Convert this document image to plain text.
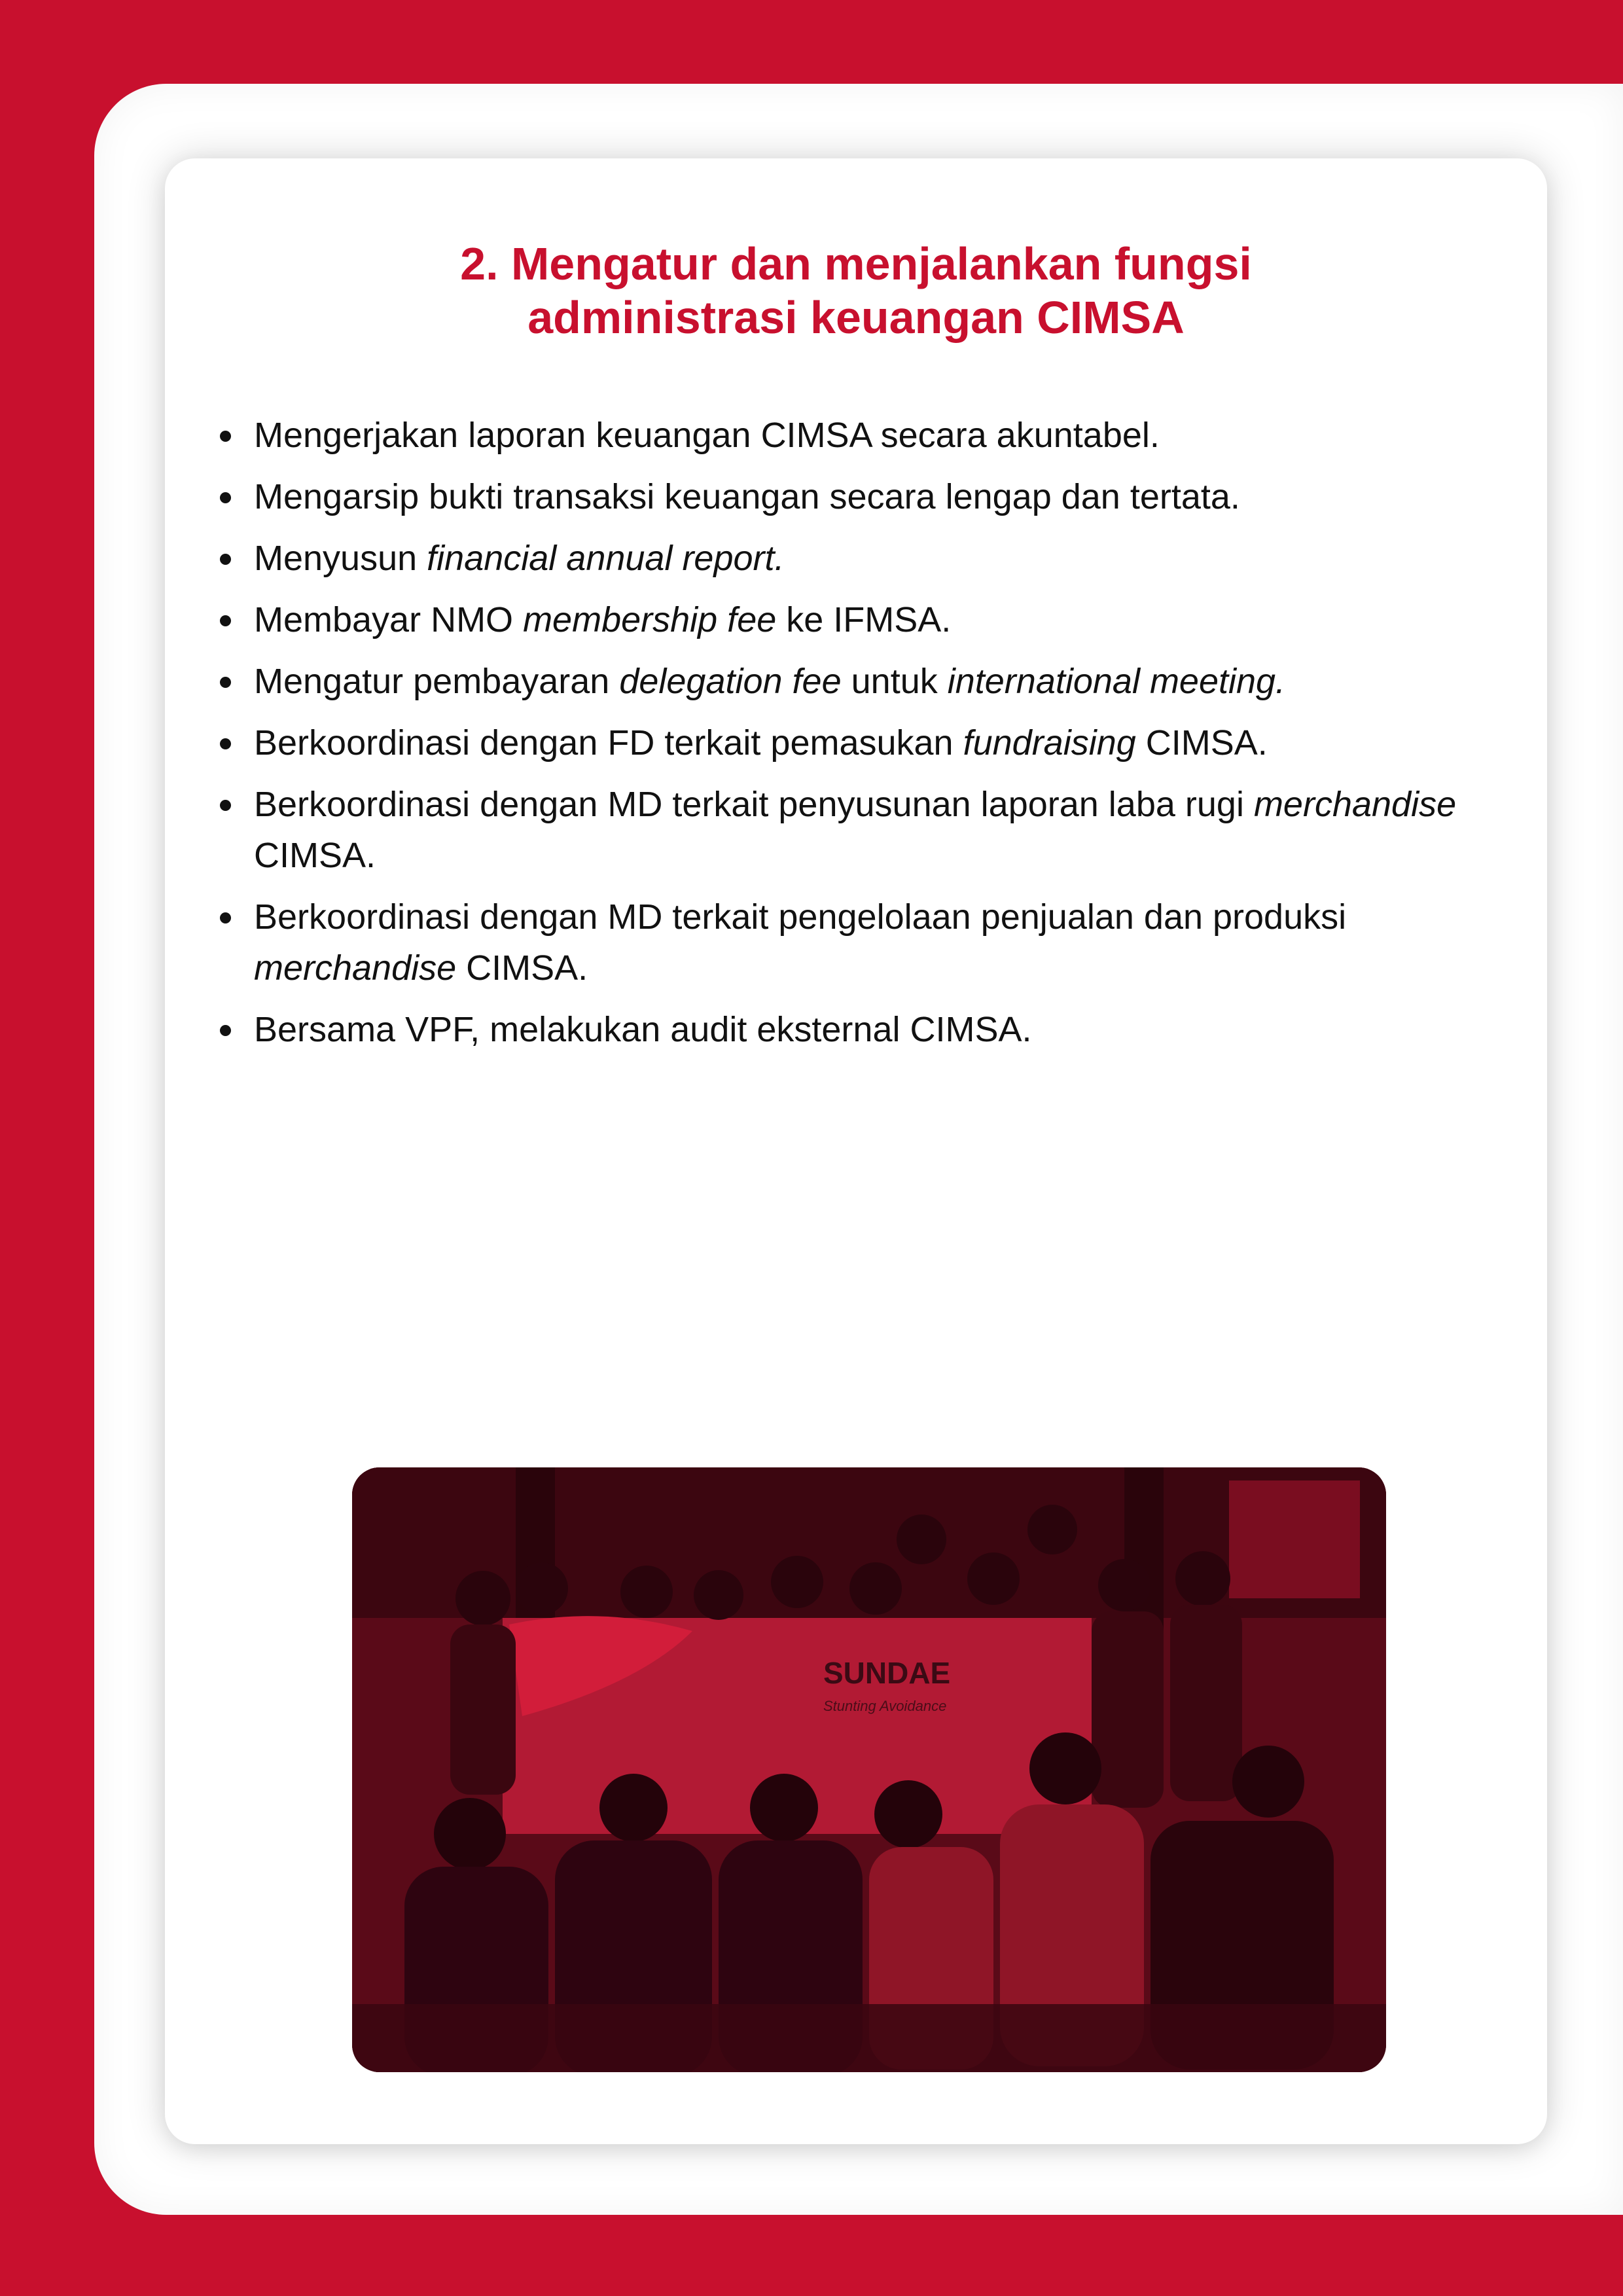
2. Mengatur dan menjalankan fungsi
administrasi keuangan CIMSA
Mengerjakan laporan keuangan CIMSA secara akuntabel.
Mengarsip bukti transaksi keuangan secara lengap dan tertata.
Menyusun financial annual report.
Membayar NMO membership fee ke IFMSA.
Mengatur pembayaran delegation fee untuk international meeting.
Berkoordinasi dengan FD terkait pemasukan fundraising CIMSA.
Berkoordinasi dengan MD terkait penyusunan laporan laba rugi merchandise CIMSA.
Berkoordinasi dengan MD terkait pengelolaan penjualan dan produksi merchandise CIMSA.
Bersama VPF, melakukan audit eksternal CIMSA.
SUNDAE
Stunting Avoidance
